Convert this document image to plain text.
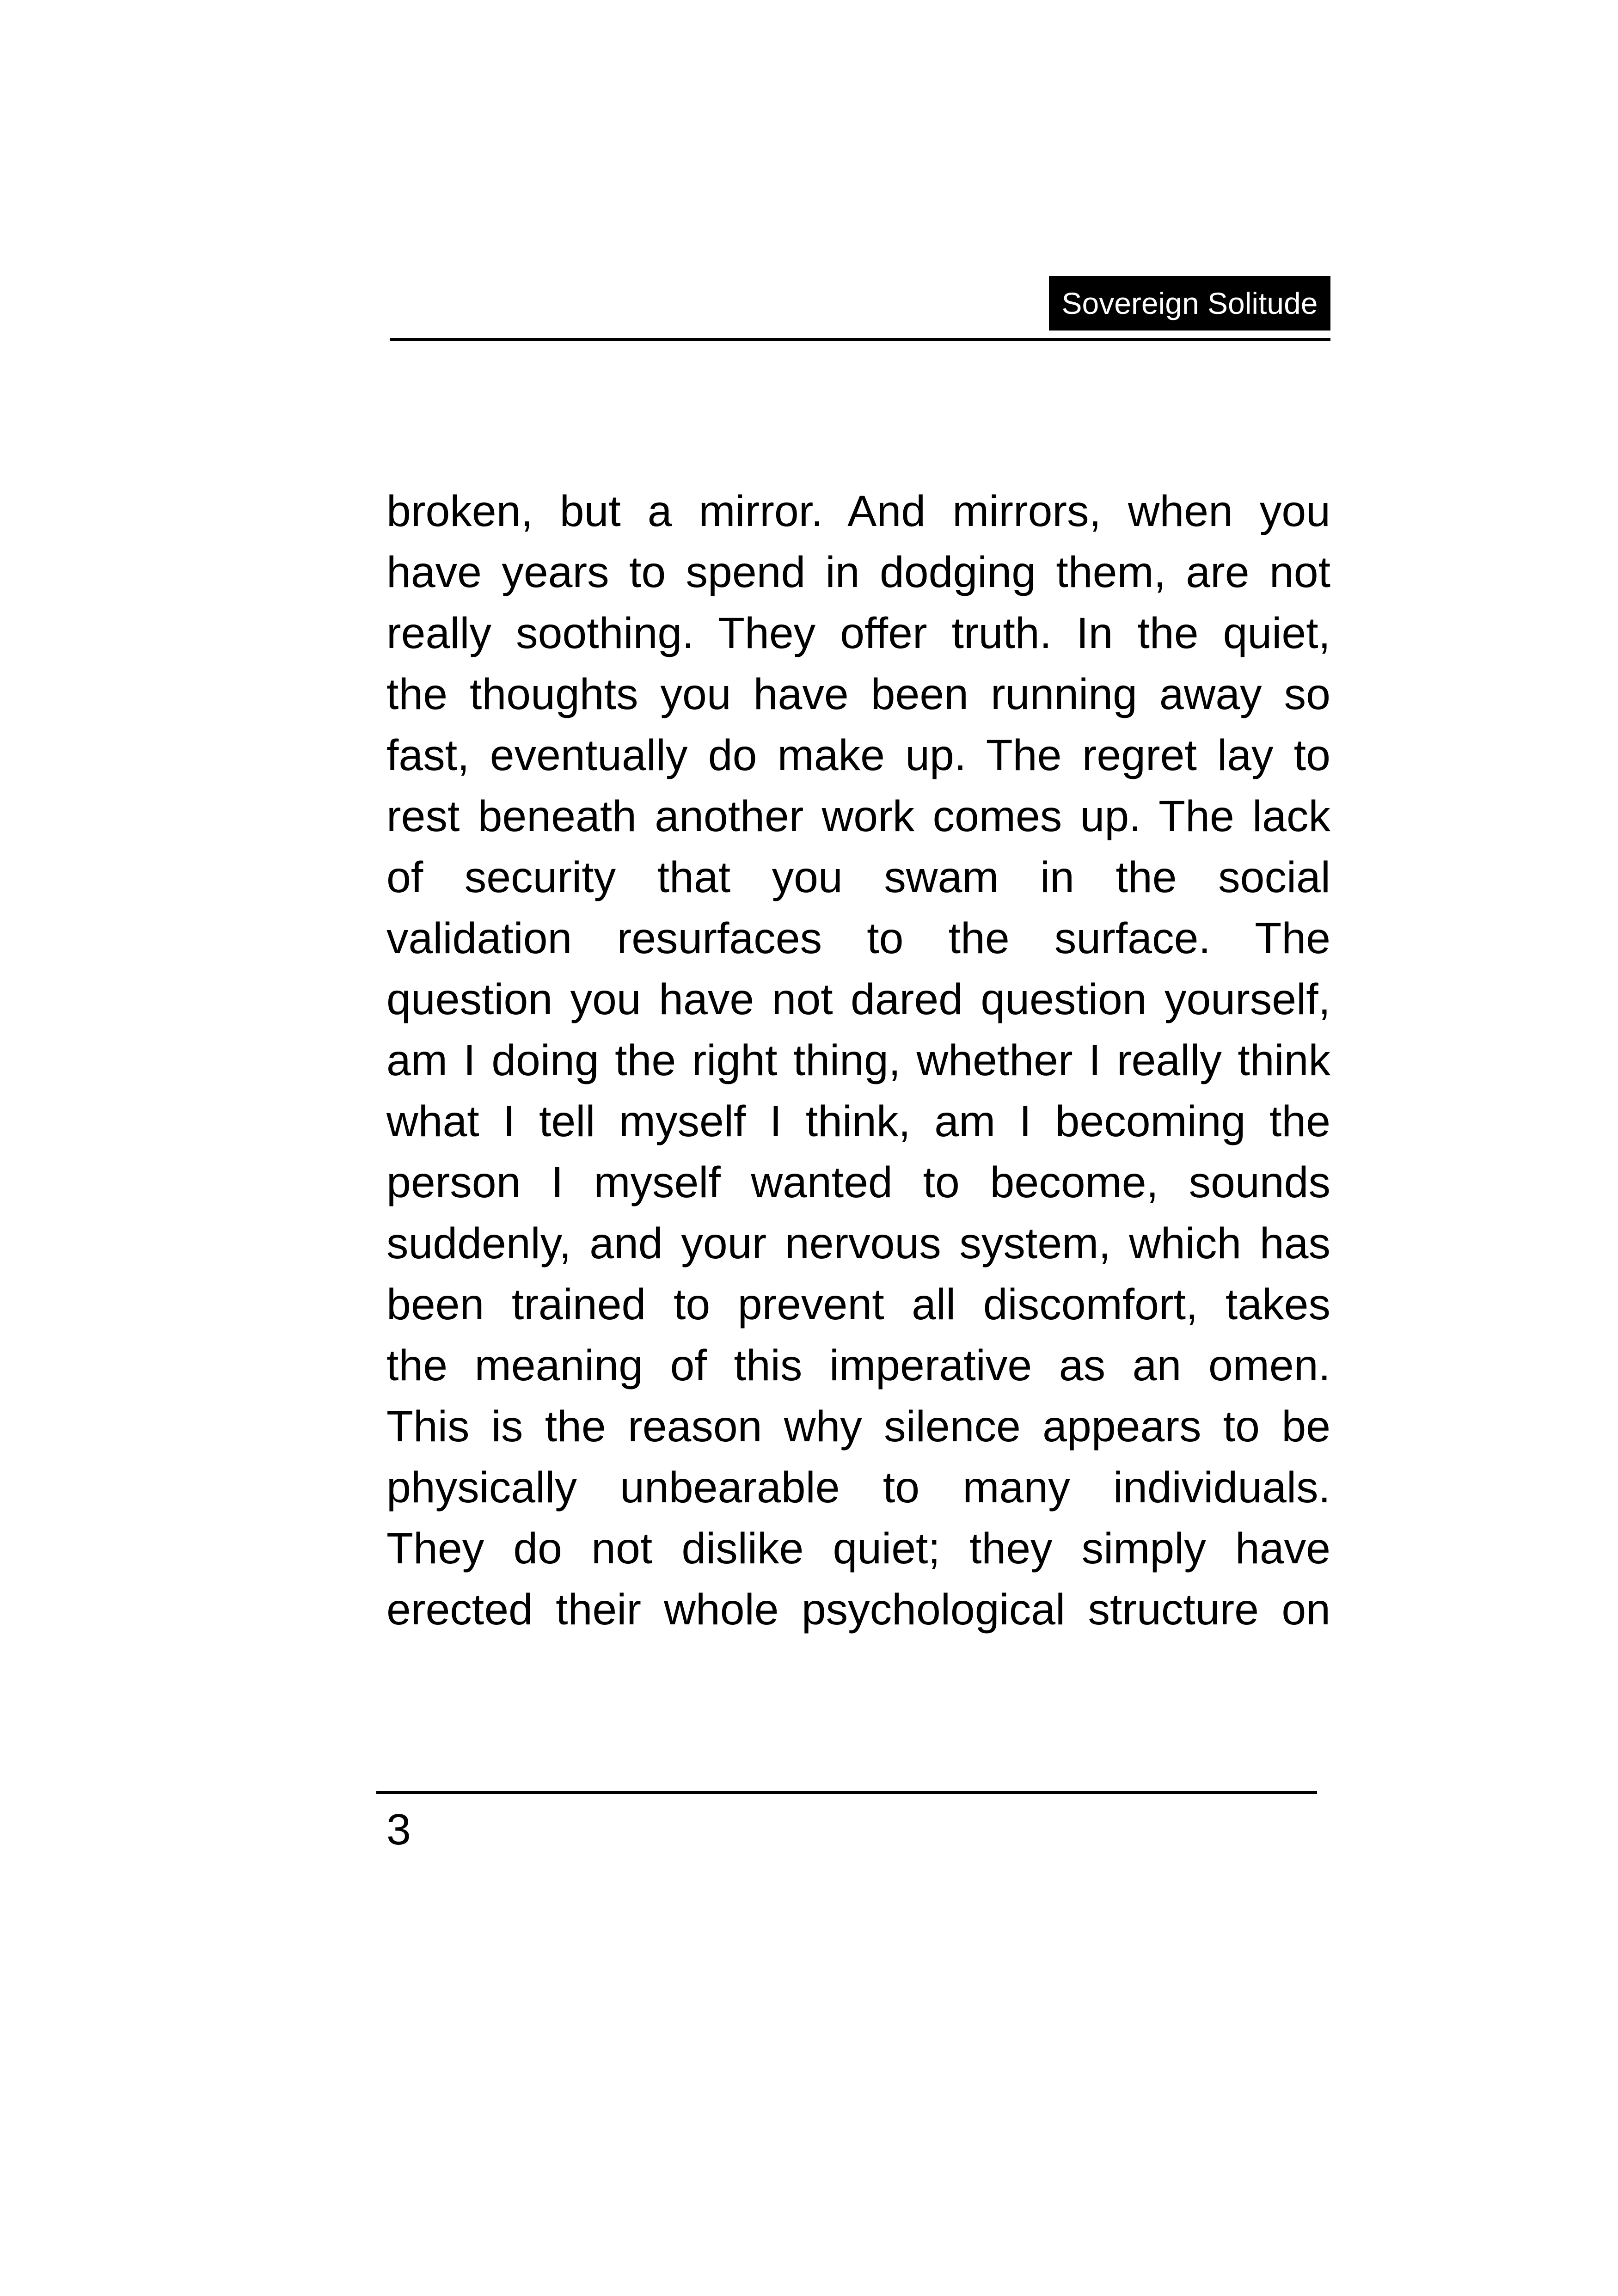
Sovereign Solitude
broken, but a mirror. And mirrors, when you
have years to spend in dodging them, are not
really soothing. They offer truth. In the quiet,
the thoughts you have been running away so
fast, eventually do make up. The regret lay to
rest beneath another work comes up. The lack
of security that you swam in the social
validation resurfaces to the surface. The
question you have not dared question yourself,
am I doing the right thing, whether I really think
what I tell myself I think, am I becoming the
person I myself wanted to become, sounds
suddenly, and your nervous system, which has
been trained to prevent all discomfort, takes
the meaning of this imperative as an omen.
This is the reason why silence appears to be
physically unbearable to many individuals.
They do not dislike quiet; they simply have
erected their whole psychological structure on
3
